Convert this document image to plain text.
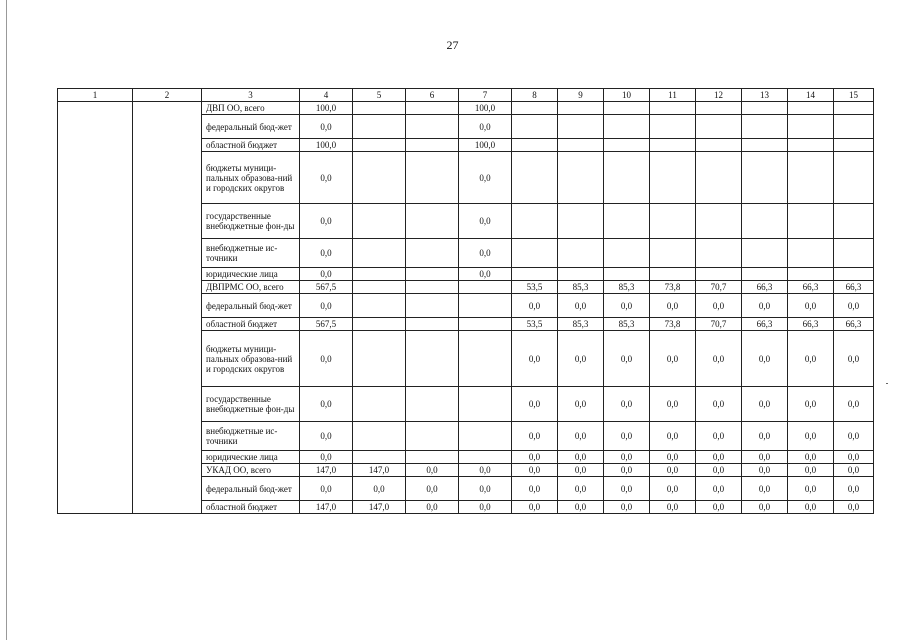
27
1	2	3	4	5	6	7	8	9	10	11	12	13	14	15
		ДВП ОО, всего	100,0			100,0								
		федеральный бюд-жет	0,0			0,0								
		областной бюджет	100,0			100,0								
		бюджеты муници-пальных образова-ний и городских округов	0,0			0,0								
		государственные внебюджетные фон-ды	0,0			0,0								
		внебюджетные ис-точники	0,0			0,0								
		юридические лица	0,0			0,0								
		ДВПРМС ОО, всего	567,5				53,5	85,3	85,3	73,8	70,7	66,3	66,3	66,3
		федеральный бюд-жет	0,0				0,0	0,0	0,0	0,0	0,0	0,0	0,0	0,0
		областной бюджет	567,5				53,5	85,3	85,3	73,8	70,7	66,3	66,3	66,3
		бюджеты муници-пальных образова-ний и городских округов	0,0				0,0	0,0	0,0	0,0	0,0	0,0	0,0	0,0
		государственные внебюджетные фон-ды	0,0				0,0	0,0	0,0	0,0	0,0	0,0	0,0	0,0
		внебюджетные ис-точники	0,0				0,0	0,0	0,0	0,0	0,0	0,0	0,0	0,0
		юридические лица	0,0				0,0	0,0	0,0	0,0	0,0	0,0	0,0	0,0
		УКАД ОО, всего	147,0	147,0	0,0	0,0	0,0	0,0	0,0	0,0	0,0	0,0	0,0	0,0
		федеральный бюд-жет	0,0	0,0	0,0	0,0	0,0	0,0	0,0	0,0	0,0	0,0	0,0	0,0
		областной бюджет	147,0	147,0	0,0	0,0	0,0	0,0	0,0	0,0	0,0	0,0	0,0	0,0
